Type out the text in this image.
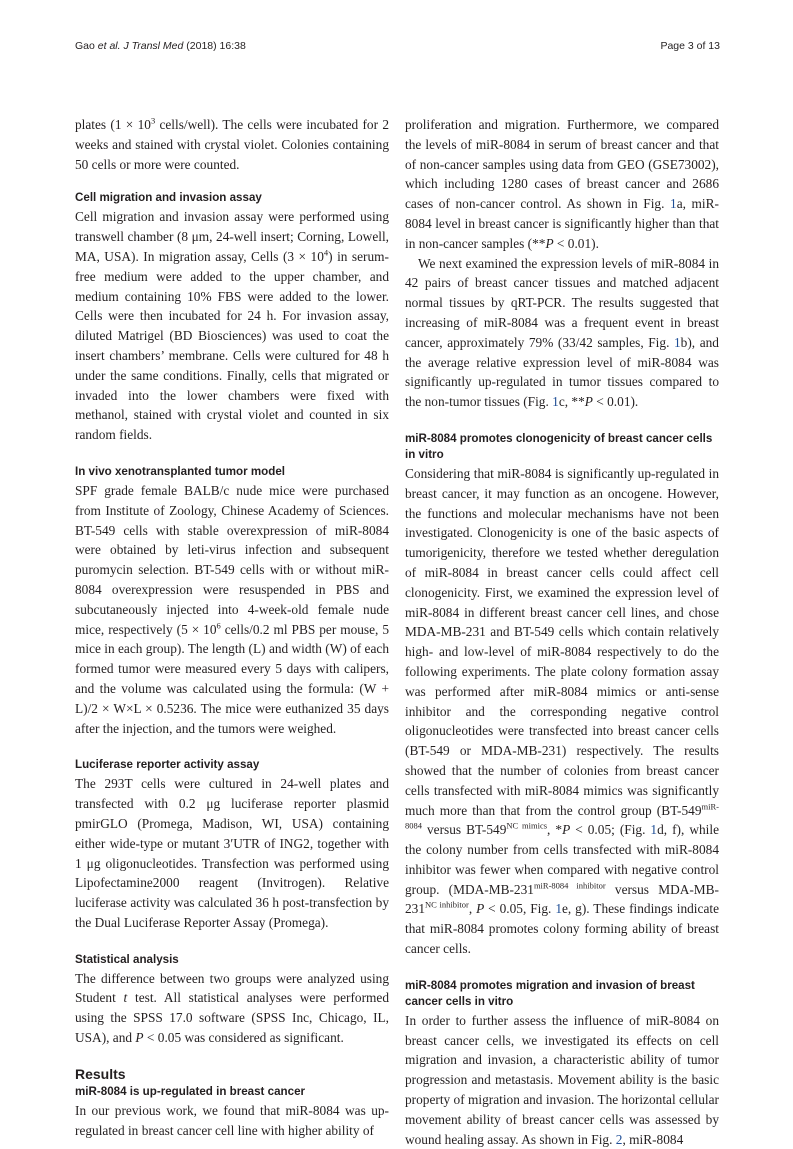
Gao et al. J Transl Med (2018) 16:38	Page 3 of 13

plates ($1 \times 10^3$ cells/well). The cells were incubated for 2 weeks and stained with crystal violet. Colonies containing 50 cells or more were counted.

Cell migration and invasion assay

Cell migration and invasion assay were performed using transwell chamber (8 μm, 24-well insert; Corning, Lowell, MA, USA). In migration assay, Cells $(3 \times 10^4)$ in serum-free medium were added to the upper chamber, and medium containing 10% FBS were added to the lower. Cells were then incubated for 24 h. For invasion assay, diluted Matrigel (BD Biosciences) was used to coat the insert chambers’ membrane. Cells were cultured for 48 h under the same conditions. Finally, cells that migrated or invaded into the lower chambers were fixed with methanol, stained with crystal violet and counted in six random fields.

In vivo xenotransplanted tumor model

SPF grade female BALB/c nude mice were purchased from Institute of Zoology, Chinese Academy of Sciences. BT-549 cells with stable overexpression of miR-8084 were obtained by leti-virus infection and subsequent puromycin selection. BT-549 cells with or without miR-8084 overexpression were resuspended in PBS and subcutaneously injected into 4-week-old female nude mice, respectively ($5 \times 10^6$ cells/0.2 ml PBS per mouse, 5 mice in each group). The length (L) and width (W) of each formed tumor were measured every 5 days with calipers, and the volume was calculated using the formula: (W + L)/2 × W×L × 0.5236. The mice were euthanized 35 days after the injection, and the tumors were weighed.

Luciferase reporter activity assay

The 293T cells were cultured in 24-well plates and transfected with 0.2 μg luciferase reporter plasmid pmirGLO (Promega, Madison, WI, USA) containing either wide-type or mutant 3′UTR of ING2, together with 1 μg oligonucleotides. Transfection was performed using Lipofectamine2000 reagent (Invitrogen). Relative luciferase activity was calculated 36 h post-transfection by the Dual Luciferase Reporter Assay (Promega).

Statistical analysis

The difference between two groups were analyzed using Student t test. All statistical analyses were performed using the SPSS 17.0 software (SPSS Inc, Chicago, IL, USA), and P < 0.05 was considered as significant.

Results
miR-8084 is up-regulated in breast cancer

In our previous work, we found that miR-8084 was up-regulated in breast cancer cell line with higher ability of

proliferation and migration. Furthermore, we compared the levels of miR-8084 in serum of breast cancer and that of non-cancer samples using data from GEO (GSE73002), which including 1280 cases of breast cancer and 2686 cases of non-cancer control. As shown in Fig. 1a, miR-8084 level in breast cancer is significantly higher than that in non-cancer samples (**P < 0.01).

We next examined the expression levels of miR-8084 in 42 pairs of breast cancer tissues and matched adjacent normal tissues by qRT-PCR. The results suggested that increasing of miR-8084 was a frequent event in breast cancer, approximately 79% (33/42 samples, Fig. 1b), and the average relative expression level of miR-8084 was significantly up-regulated in tumor tissues compared to the non-tumor tissues (Fig. 1c, **P < 0.01).

miR-8084 promotes clonogenicity of breast cancer cells in vitro

Considering that miR-8084 is significantly up-regulated in breast cancer, it may function as an oncogene. However, the functions and molecular mechanisms have not been investigated. Clonogenicity is one of the basic aspects of tumorigenicity, therefore we tested whether deregulation of miR-8084 in breast cancer cells could affect cell clonogenicity. First, we examined the expression level of miR-8084 in different breast cancer cell lines, and chose MDA-MB-231 and BT-549 cells which contain relatively high- and low-level of miR-8084 respectively to do the following experiments. The plate colony formation assay was performed after miR-8084 mimics or anti-sense inhibitor and the corresponding negative control oligonucleotides were transfected into breast cancer cells (BT-549 or MDA-MB-231) respectively. The results showed that the number of colonies from breast cancer cells transfected with miR-8084 mimics was significantly much more than that from the control group ($BT-549^{miR-8084}$ versus $BT-549^{NC mimics}$, *P < 0.05; (Fig. 1d, f), while the colony number from cells transfected with miR-8084 inhibitor was fewer when compared with negative control group. ($MDA-MB-231^{miR-8084 inhibitor}$ versus MDA-$MB-231^{NC inhibitor}$, P < 0.05, Fig. 1e, g). These findings indicate that miR-8084 promotes colony forming ability of breast cancer cells.

miR-8084 promotes migration and invasion of breast cancer cells in vitro

In order to further assess the influence of miR-8084 on breast cancer cells, we investigated its effects on cell migration and invasion, a characteristic ability of tumor progression and metastasis. Movement ability is the basic property of migration and invasion. The horizontal cellular movement ability of breast cancer cells was assessed by wound healing assay. As shown in Fig. 2, miR-8084
